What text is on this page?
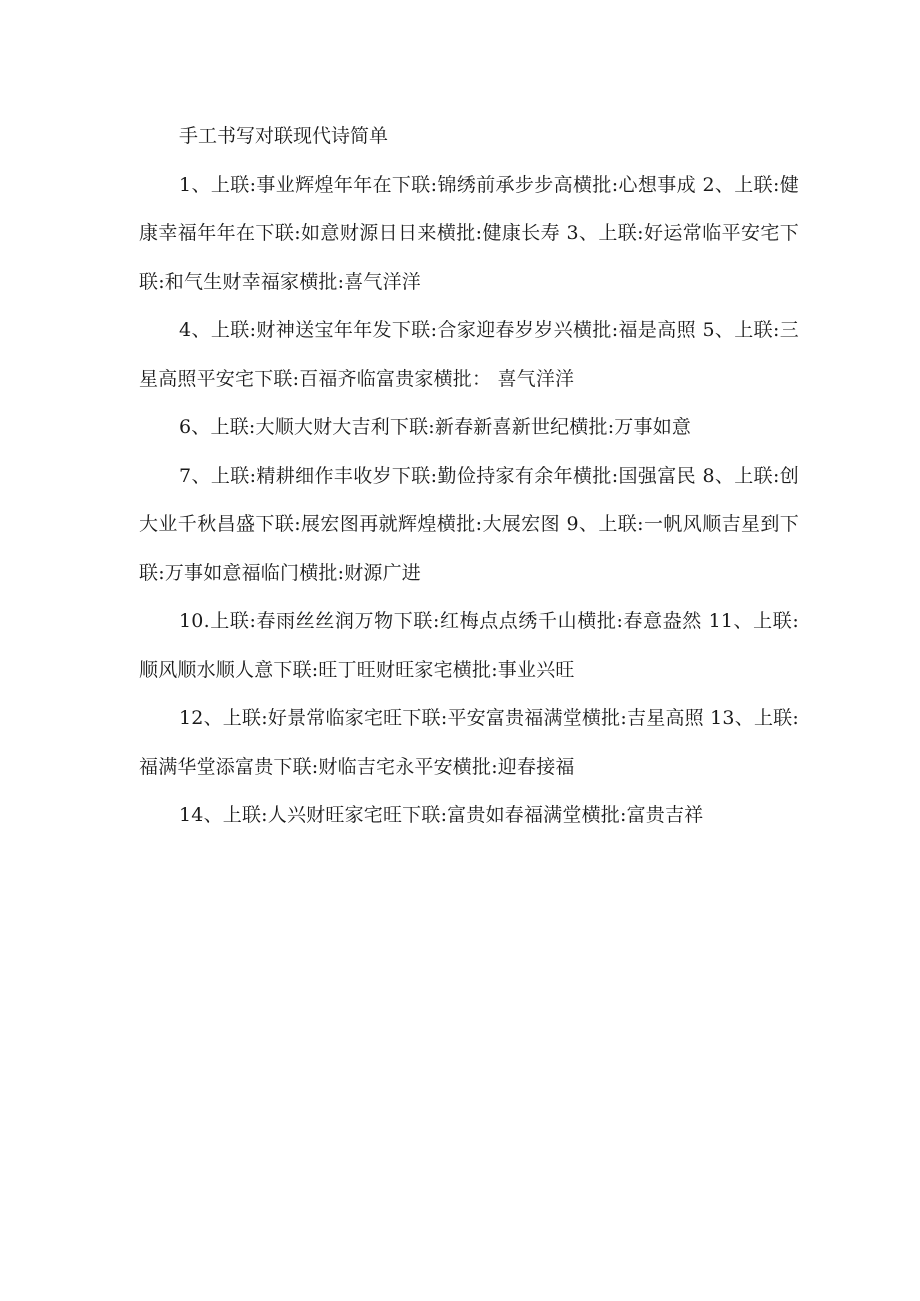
手工书写对联现代诗简单

1、上联:事业辉煌年年在下联:锦绣前承步步高横批:心想事成 2、上联:健康幸福年年在下联:如意财源日日来横批:健康长寿 3、上联:好运常临平安宅下联:和气生财幸福家横批:喜气洋洋

4、上联:财神送宝年年发下联:合家迎春岁岁兴横批:福是高照 5、上联:三星高照平安宅下联:百福齐临富贵家横批： 喜气洋洋

6、上联:大顺大财大吉利下联:新春新喜新世纪横批:万事如意

7、上联:精耕细作丰收岁下联:勤俭持家有余年横批:国强富民 8、上联:创大业千秋昌盛下联:展宏图再就辉煌横批:大展宏图 9、上联:一帆风顺吉星到下联:万事如意福临门横批:财源广进

10.上联:春雨丝丝润万物下联:红梅点点绣千山横批:春意盎然 11、上联:顺风顺水顺人意下联:旺丁旺财旺家宅横批:事业兴旺

12、上联:好景常临家宅旺下联:平安富贵福满堂横批:吉星高照 13、上联:福满华堂添富贵下联:财临吉宅永平安横批:迎春接福

14、上联:人兴财旺家宅旺下联:富贵如春福满堂横批:富贵吉祥
